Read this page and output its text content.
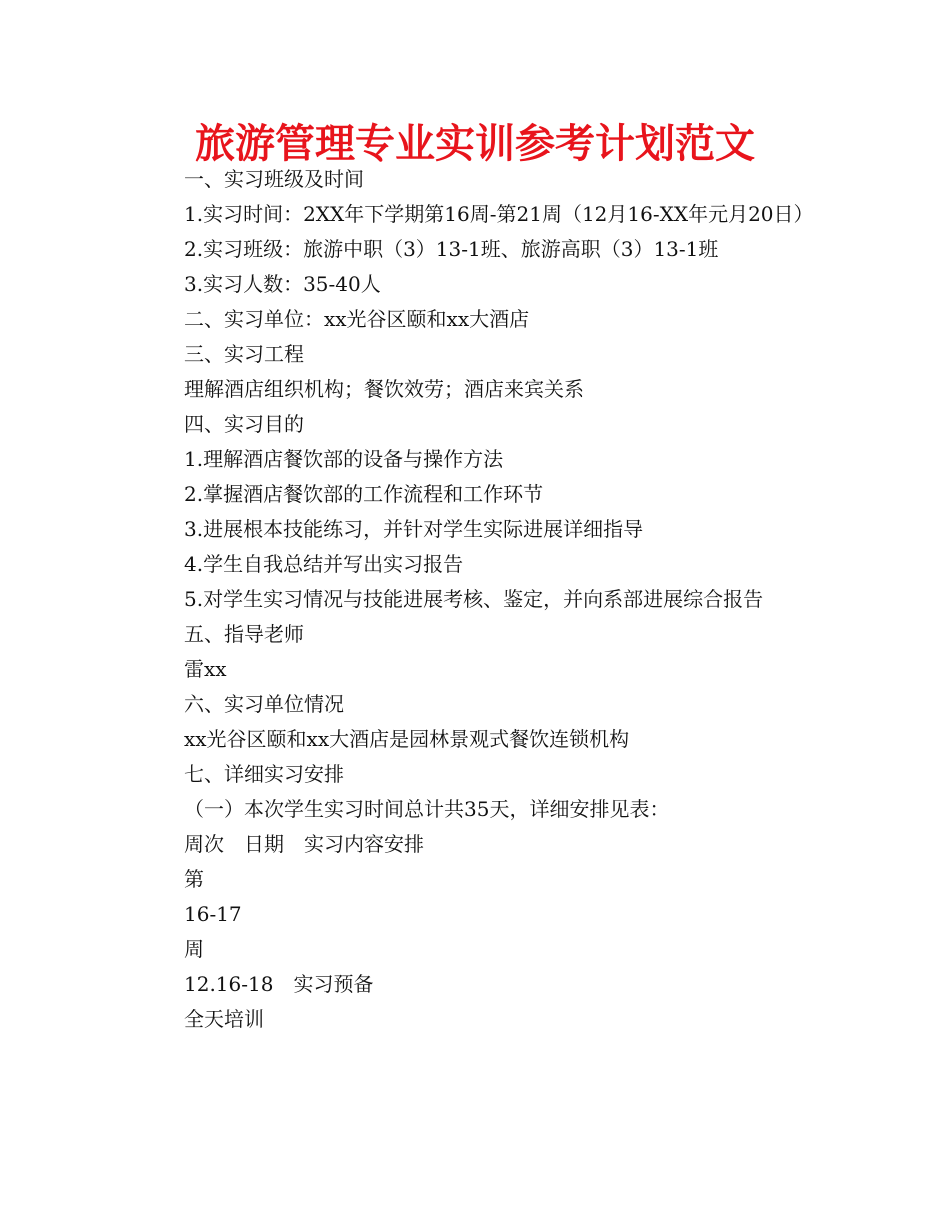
旅游管理专业实训参考计划范文

一、实习班级及时间

1.实习时间：2XX年下学期第16周-第21周（12月16-XX年元月20日）

2.实习班级：旅游中职（3）13-1班、旅游高职（3）13-1班

3.实习人数：35-40人

二、实习单位：xx光谷区颐和xx大酒店

三、实习工程

理解酒店组织机构；餐饮效劳；酒店来宾关系

四、实习目的

1.理解酒店餐饮部的设备与操作方法

2.掌握酒店餐饮部的工作流程和工作环节

3.进展根本技能练习，并针对学生实际进展详细指导

4.学生自我总结并写出实习报告

5.对学生实习情况与技能进展考核、鉴定，并向系部进展综合报告

五、指导老师

雷xx

六、实习单位情况

xx光谷区颐和xx大酒店是园林景观式餐饮连锁机构

七、详细实习安排

（一）本次学生实习时间总计共35天，详细安排见表：

周次　日期　实习内容安排

第

16-17

周

12.16-18　实习预备

全天培训
